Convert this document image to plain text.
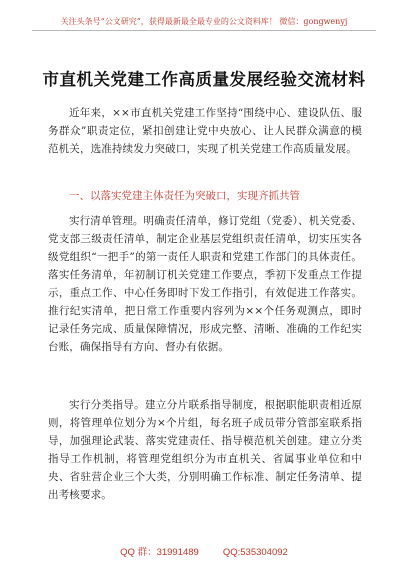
关注头条号“公文研究”，获得最新最全最专业的公文资料库！ 微信：gongwenyj
市直机关党建工作高质量发展经验交流材料
近年来，××市直机关党建工作坚持“围绕中心、建设队伍、服务群众”职责定位，紧扣创建让党中央放心、让人民群众满意的模范机关，选准持续发力突破口，实现了机关党建工作高质量发展。
一、以落实党建主体责任为突破口，实现齐抓共管
实行清单管理。明确责任清单，修订党组（党委）、机关党委、党支部三级责任清单，制定企业基层党组织责任清单，切实压实各级党组织“一把手”的第一责任人职责和党建工作部门的具体责任。落实任务清单，年初制订机关党建工作要点，季初下发重点工作提示，重点工作、中心任务即时下发工作指引，有效促进工作落实。推行纪实清单，把日常工作重要内容列为××个任务观测点，即时记录任务完成、质量保障情况，形成完整、清晰、准确的工作纪实台账，确保指导有方向、督办有依据。
实行分类指导。建立分片联系指导制度，根据职能职责相近原则，将管理单位划分为×个片组，每名班子成员带分管部室联系指导，加强理论武装、落实党建责任、指导模范机关创建。建立分类指导工作机制，将管理党组织分为市直机关、省属事业单位和中央、省驻营企业三个大类，分别明确工作标准、制定任务清单、提出考核要求。
QQ 群：31991489	QQ:535304092
